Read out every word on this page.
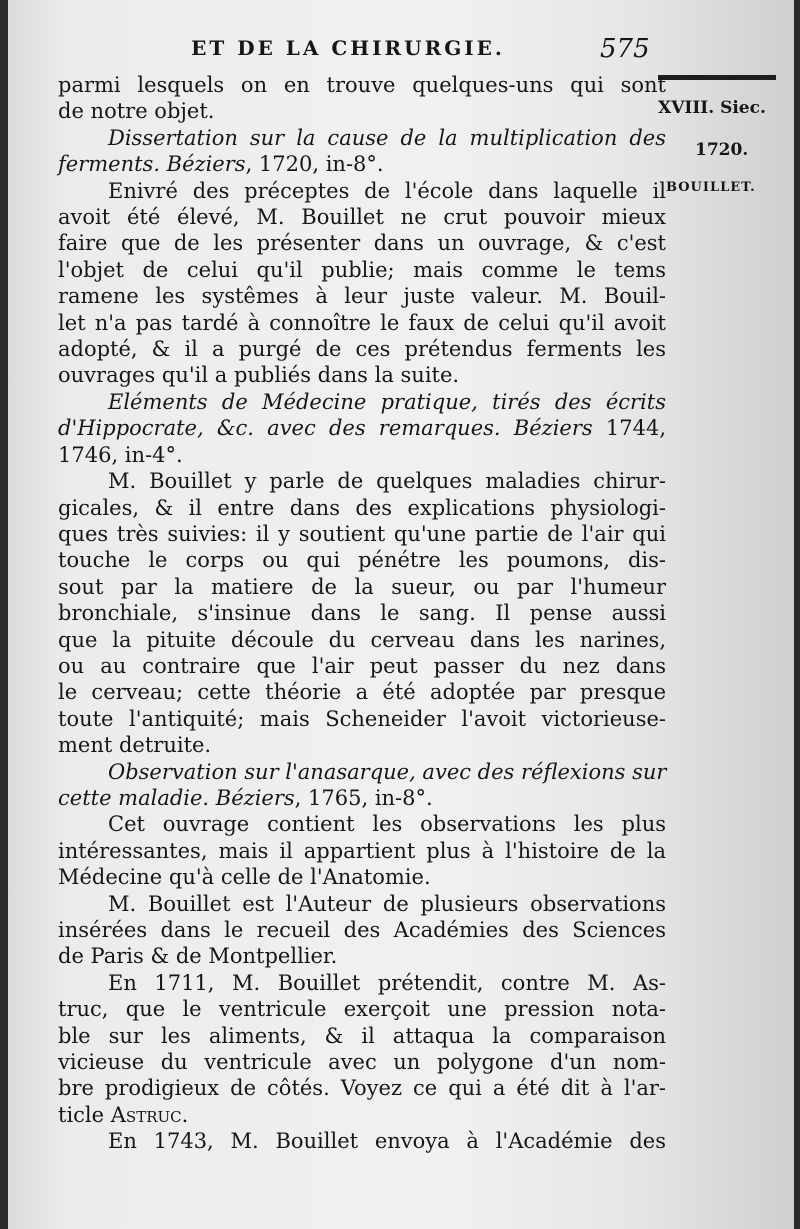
ET DE LA CHIRURGIE.	575
XVIII. Siec.
1720.
BOUILLET.
parmi lesquels on en trouve quelques-uns qui sont
de notre objet.
Dissertation sur la cause de la multiplication des
ferments. Béziers, 1720, in-8°.
Enivré des préceptes de l'école dans laquelle il
avoit été élevé, M. Bouillet ne crut pouvoir mieux
faire que de les présenter dans un ouvrage, & c'est
l'objet de celui qu'il publie; mais comme le tems
ramene les systêmes à leur juste valeur. M. Bouil-
let n'a pas tardé à connoître le faux de celui qu'il avoit
adopté, & il a purgé de ces prétendus ferments les
ouvrages qu'il a publiés dans la suite.
Eléments de Médecine pratique, tirés des écrits
d'Hippocrate, &c. avec des remarques. Béziers 1744,
1746, in-4°.
M. Bouillet y parle de quelques maladies chirur-
gicales, & il entre dans des explications physiologi-
ques très suivies: il y soutient qu'une partie de l'air qui
touche le corps ou qui pénétre les poumons, dis-
sout par la matiere de la sueur, ou par l'humeur
bronchiale, s'insinue dans le sang. Il pense aussi
que la pituite découle du cerveau dans les narines,
ou au contraire que l'air peut passer du nez dans
le cerveau; cette théorie a été adoptée par presque
toute l'antiquité; mais Scheneider l'avoit victorieuse-
ment detruite.
Observation sur l'anasarque, avec des réflexions sur
cette maladie. Béziers, 1765, in-8°.
Cet ouvrage contient les observations les plus
intéressantes, mais il appartient plus à l'histoire de la
Médecine qu'à celle de l'Anatomie.
M. Bouillet est l'Auteur de plusieurs observations
insérées dans le recueil des Académies des Sciences
de Paris & de Montpellier.
En 1711, M. Bouillet prétendit, contre M. As-
truc, que le ventricule exerçoit une pression nota-
ble sur les aliments, & il attaqua la comparaison
vicieuse du ventricule avec un polygone d'un nom-
bre prodigieux de côtés. Voyez ce qui a été dit à l'ar-
ticle Astruc.
En 1743, M. Bouillet envoya à l'Académie des
